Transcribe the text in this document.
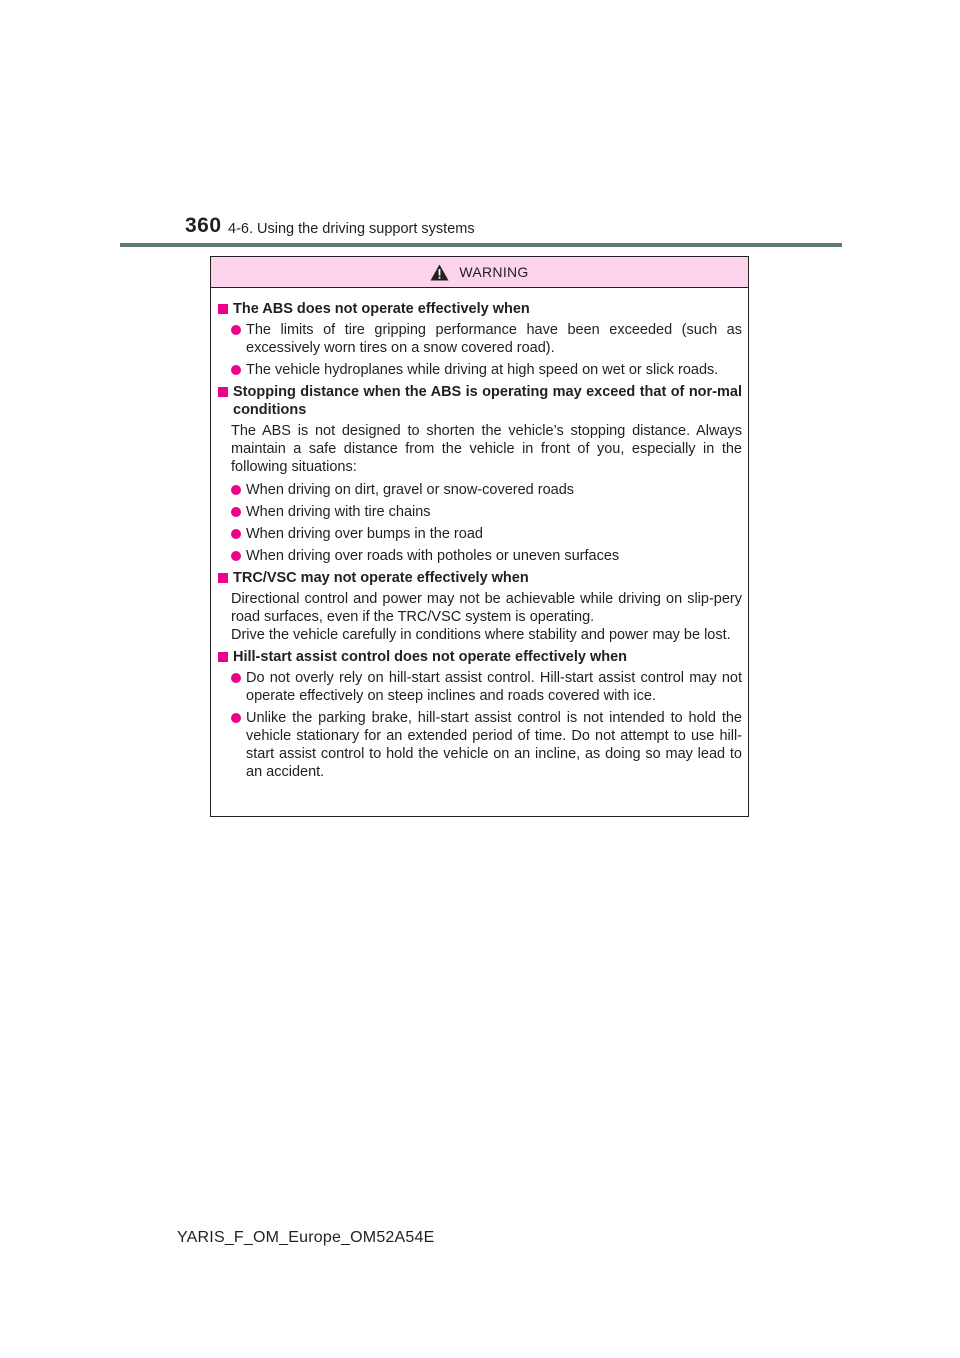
360 4-6. Using the driving support systems
WARNING
The ABS does not operate effectively when
The limits of tire gripping performance have been exceeded (such as excessively worn tires on a snow covered road).
The vehicle hydroplanes while driving at high speed on wet or slick roads.
Stopping distance when the ABS is operating may exceed that of nor-mal conditions
The ABS is not designed to shorten the vehicle’s stopping distance. Always maintain a safe distance from the vehicle in front of you, especially in the following situations:
When driving on dirt, gravel or snow-covered roads
When driving with tire chains
When driving over bumps in the road
When driving over roads with potholes or uneven surfaces
TRC/VSC may not operate effectively when
Directional control and power may not be achievable while driving on slip-pery road surfaces, even if the TRC/VSC system is operating.
Drive the vehicle carefully in conditions where stability and power may be lost.
Hill-start assist control does not operate effectively when
Do not overly rely on hill-start assist control. Hill-start assist control may not operate effectively on steep inclines and roads covered with ice.
Unlike the parking brake, hill-start assist control is not intended to hold the vehicle stationary for an extended period of time. Do not attempt to use hill-start assist control to hold the vehicle on an incline, as doing so may lead to an accident.
YARIS_F_OM_Europe_OM52A54E
